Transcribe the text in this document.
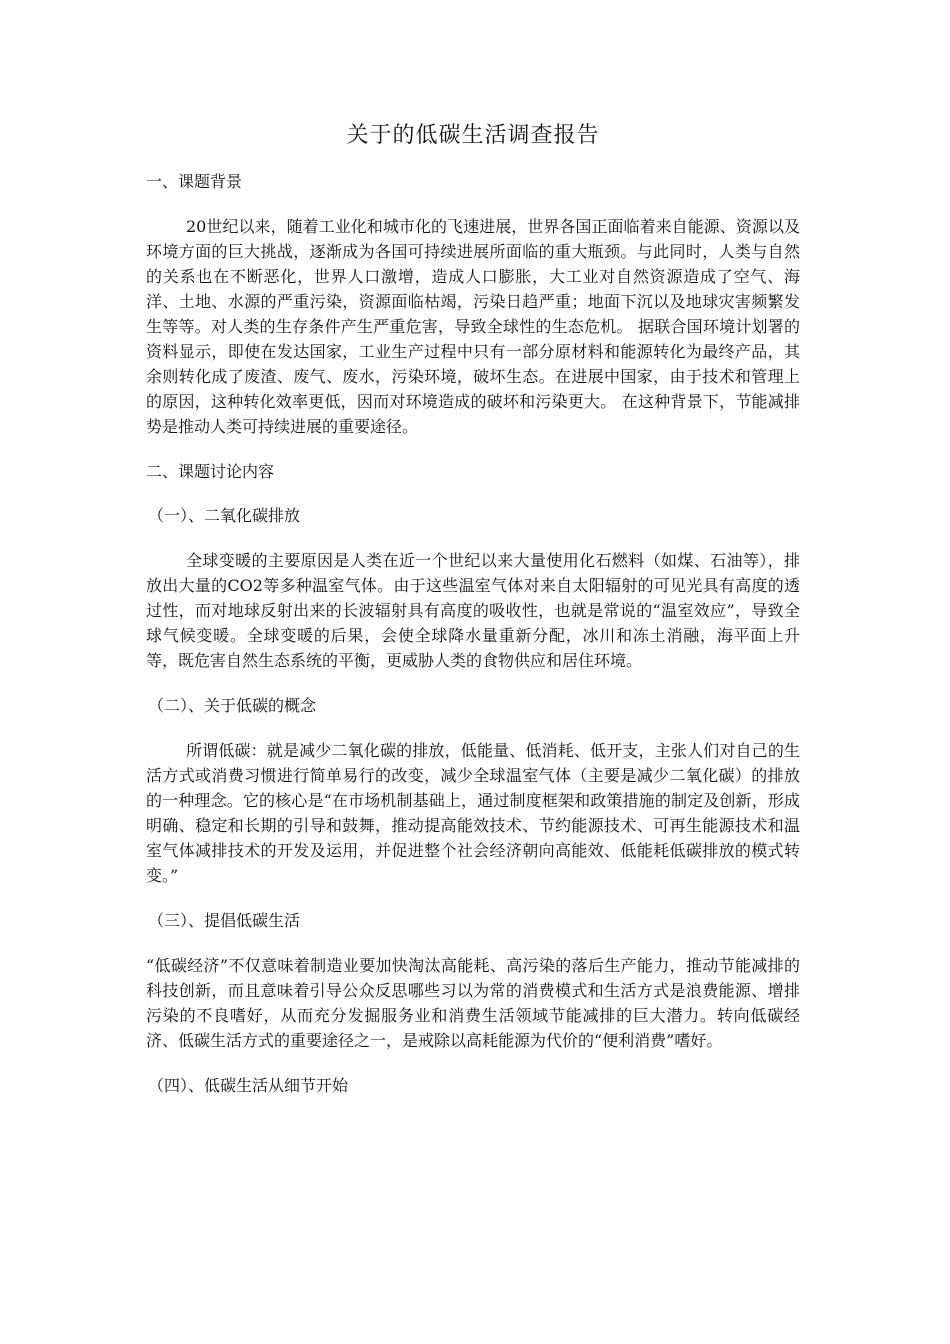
关于的低碳生活调查报告
一、课题背景
20世纪以来，随着工业化和城市化的飞速进展，世界各国正面临着来自能源、资源以及环境方面的巨大挑战，逐渐成为各国可持续进展所面临的重大瓶颈。与此同时，人类与自然的关系也在不断恶化，世界人口激增，造成人口膨胀，大工业对自然资源造成了空气、海洋、土地、水源的严重污染，资源面临枯竭，污染日趋严重；地面下沉以及地球灾害频繁发生等等。对人类的生存条件产生严重危害，导致全球性的生态危机。 据联合国环境计划署的资料显示，即使在发达国家，工业生产过程中只有一部分原材料和能源转化为最终产品，其余则转化成了废渣、废气、废水，污染环境，破坏生态。在进展中国家，由于技术和管理上的原因，这种转化效率更低，因而对环境造成的破坏和污染更大。 在这种背景下，节能减排势是推动人类可持续进展的重要途径。
二、课题讨论内容
（一）、二氧化碳排放
全球变暖的主要原因是人类在近一个世纪以来大量使用化石燃料（如煤、石油等），排放出大量的CO2等多种温室气体。由于这些温室气体对来自太阳辐射的可见光具有高度的透过性，而对地球反射出来的长波辐射具有高度的吸收性，也就是常说的“温室效应”，导致全球气候变暖。全球变暖的后果，会使全球降水量重新分配，冰川和冻土消融，海平面上升等，既危害自然生态系统的平衡，更威胁人类的食物供应和居住环境。
（二）、关于低碳的概念
所谓低碳：就是减少二氧化碳的排放，低能量、低消耗、低开支，主张人们对自己的生活方式或消费习惯进行简单易行的改变，减少全球温室气体（主要是减少二氧化碳）的排放的一种理念。它的核心是“在市场机制基础上，通过制度框架和政策措施的制定及创新，形成明确、稳定和长期的引导和鼓舞，推动提高能效技术、节约能源技术、可再生能源技术和温室气体减排技术的开发及运用，并促进整个社会经济朝向高能效、低能耗低碳排放的模式转变。”
（三）、提倡低碳生活
“低碳经济”不仅意味着制造业要加快淘汰高能耗、高污染的落后生产能力，推动节能减排的科技创新，而且意味着引导公众反思哪些习以为常的消费模式和生活方式是浪费能源、增排污染的不良嗜好，从而充分发掘服务业和消费生活领域节能减排的巨大潜力。转向低碳经济、低碳生活方式的重要途径之一，是戒除以高耗能源为代价的“便利消费”嗜好。
（四）、低碳生活从细节开始
